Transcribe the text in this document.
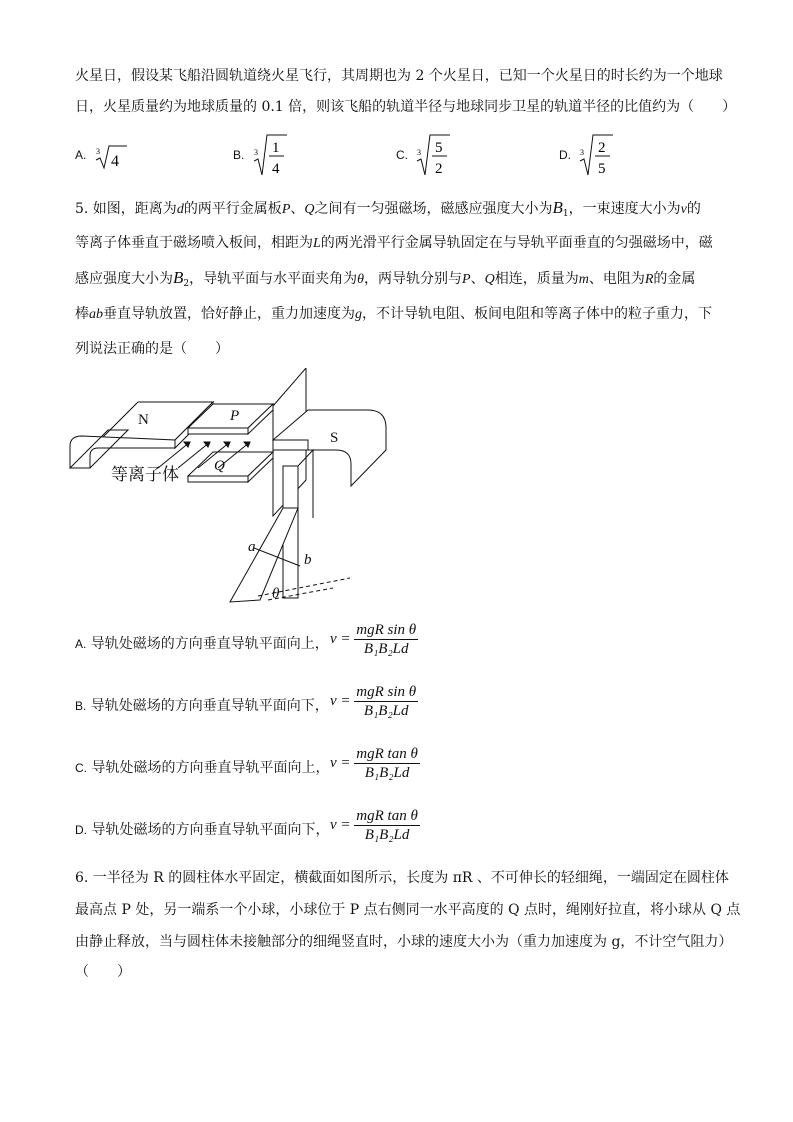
火星日，假设某飞船沿圆轨道绕火星飞行，其周期也为 2 个火星日，已知一个火星日的时长约为一个地球
日，火星质量约为地球质量的 0.1 倍，则该飞船的轨道半径与地球同步卫星的轨道半径的比值约为（　　）
A. 3
4	B. 3 1
4
C. 3 5
2
D. 3 2
5
5. 如图，距离为d的两平行金属板P、Q之间有一匀强磁场，磁感应强度大小为$B_1$，一束速度大小为v的
等离子体垂直于磁场喷入板间，相距为L的两光滑平行金属导轨固定在与导轨平面垂直的匀强磁场中，磁
感应强度大小为$B_2$，导轨平面与水平面夹角为θ，两导轨分别与P、Q相连，质量为m、电阻为R的金属
棒ab垂直导轨放置，恰好静止，重力加速度为g，不计导轨电阻、板间电阻和等离子体中的粒子重力，下
列说法正确的是（　　）
N	P
Q
S
等离子体
a
b
θ
A. 导轨处磁场的方向垂直导轨平面向上， $v = \frac{\text{mgR sin θ}}{\text{B₁B₂Ld}}$
B. 导轨处磁场的方向垂直导轨平面向下， $v = \frac{\text{mgR sin θ}}{\text{B₁B₂Ld}}$
C. 导轨处磁场的方向垂直导轨平面向上， $v = \frac{\text{mgR tan θ}}{\text{B₁B₂Ld}}$
D. 导轨处磁场的方向垂直导轨平面向下， $v = \frac{\text{mgR tan θ}}{\text{B₁B₂Ld}}$
6. 一半径为 R 的圆柱体水平固定，横截面如图所示，长度为 πR 、不可伸长的轻细绳，一端固定在圆柱体
最高点 P 处，另一端系一个小球，小球位于 P 点右侧同一水平高度的 Q 点时，绳刚好拉直，将小球从 Q 点
由静止释放，当与圆柱体未接触部分的细绳竖直时，小球的速度大小为（重力加速度为 g，不计空气阻力）
（　　）
